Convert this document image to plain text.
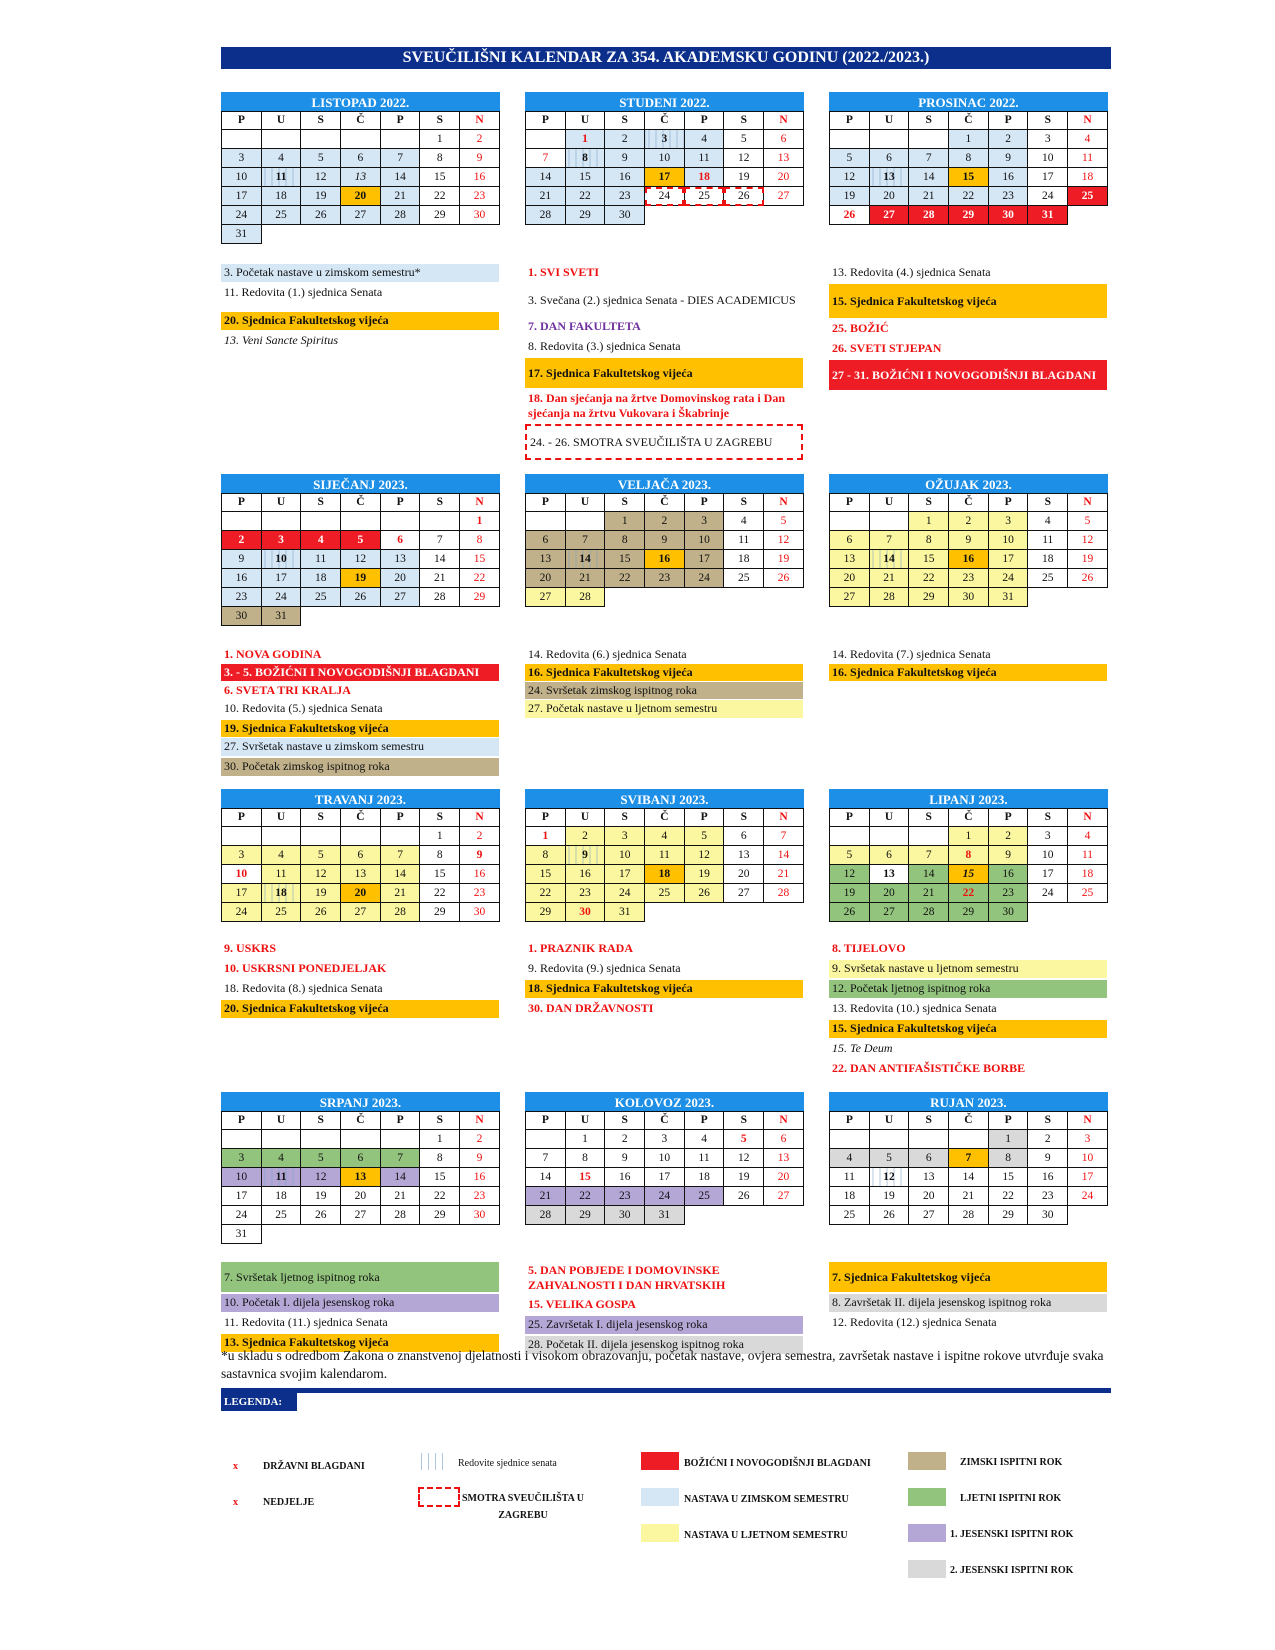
SVEUČILIŠNI KALENDAR ZA 354. AKADEMSKU GODINU (2022./2023.)
LISTOPAD 2022.						
P	U	S	Č	P	S	N
					1	2
3	4	5	6	7	8	9
10	11	12	13	14	15	16
17	18	19	20	21	22	23
24	25	26	27	28	29	30
31						
STUDENI 2022.						
P	U	S	Č	P	S	N
	1	2	3	4	5	6
7	8	9	10	11	12	13
14	15	16	17	18	19	20
21	22	23	24	25	26	27
28	29	30				
PROSINAC 2022.						
P	U	S	Č	P	S	N
			1	2	3	4
5	6	7	8	9	10	11
12	13	14	15	16	17	18
19	20	21	22	23	24	25
26	27	28	29	30	31	
SIJEČANJ 2023.						
P	U	S	Č	P	S	N
						1
2	3	4	5	6	7	8
9	10	11	12	13	14	15
16	17	18	19	20	21	22
23	24	25	26	27	28	29
30	31					
VELJAČA 2023.						
P	U	S	Č	P	S	N
		1	2	3	4	5
6	7	8	9	10	11	12
13	14	15	16	17	18	19
20	21	22	23	24	25	26
27	28					
OŽUJAK 2023.						
P	U	S	Č	P	S	N
		1	2	3	4	5
6	7	8	9	10	11	12
13	14	15	16	17	18	19
20	21	22	23	24	25	26
27	28	29	30	31		
TRAVANJ 2023.						
P	U	S	Č	P	S	N
					1	2
3	4	5	6	7	8	9
10	11	12	13	14	15	16
17	18	19	20	21	22	23
24	25	26	27	28	29	30
SVIBANJ 2023.						
P	U	S	Č	P	S	N
1	2	3	4	5	6	7
8	9	10	11	12	13	14
15	16	17	18	19	20	21
22	23	24	25	26	27	28
29	30	31				
LIPANJ 2023.						
P	U	S	Č	P	S	N
			1	2	3	4
5	6	7	8	9	10	11
12	13	14	15	16	17	18
19	20	21	22	23	24	25
26	27	28	29	30		
SRPANJ 2023.						
P	U	S	Č	P	S	N
					1	2
3	4	5	6	7	8	9
10	11	12	13	14	15	16
17	18	19	20	21	22	23
24	25	26	27	28	29	30
31						
KOLOVOZ 2023.						
P	U	S	Č	P	S	N
	1	2	3	4	5	6
7	8	9	10	11	12	13
14	15	16	17	18	19	20
21	22	23	24	25	26	27
28	29	30	31			
RUJAN 2023.						
P	U	S	Č	P	S	N
				1	2	3
4	5	6	7	8	9	10
11	12	13	14	15	16	17
18	19	20	21	22	23	24
25	26	27	28	29	30	
3. Početak nastave u zimskom semestru*
11. Redovita (1.) sjednica Senata
20. Sjednica Fakultetskog vijeća
13. Veni Sancte Spiritus
1. SVI SVETI
3. Svečana (2.) sjednica Senata - DIES ACADEMICUS
7. DAN FAKULTETA
8. Redovita (3.) sjednica Senata
17. Sjednica Fakultetskog vijeća
18. Dan sjećanja na žrtve Domovinskog rata i Dan sjećanja na žrtvu Vukovara i Škabrinje
24. - 26. SMOTRA SVEUČILIŠTA U ZAGREBU
13. Redovita (4.) sjednica Senata
15. Sjednica Fakultetskog vijeća
25. BOŽIĆ
26. SVETI STJEPAN
27 - 31. BOŽIĆNI I NOVOGODIŠNJI BLAGDANI
1. NOVA GODINA
3. - 5. BOŽIĆNI I NOVOGODIŠNJI BLAGDANI
6. SVETA TRI KRALJA
10. Redovita (5.) sjednica Senata
19. Sjednica Fakultetskog vijeća
27. Svršetak nastave u zimskom semestru
30. Početak zimskog ispitnog roka
14. Redovita (6.) sjednica Senata
16. Sjednica Fakultetskog vijeća
24. Svršetak zimskog ispitnog roka
27. Početak nastave u ljetnom semestru
14. Redovita (7.) sjednica Senata
16. Sjednica Fakultetskog vijeća
9. USKRS
10. USKRSNI PONEDJELJAK
18. Redovita (8.) sjednica Senata
20. Sjednica Fakultetskog vijeća
1. PRAZNIK RADA
9. Redovita (9.) sjednica Senata
18. Sjednica Fakultetskog vijeća
30. DAN DRŽAVNOSTI
8. TIJELOVO
9. Svršetak nastave u ljetnom semestru
12. Početak ljetnog ispitnog roka
13. Redovita (10.) sjednica Senata
15. Sjednica Fakultetskog vijeća
15. Te Deum
22. DAN ANTIFAŠISTIČKE BORBE
7. Svršetak ljetnog ispitnog roka
10. Početak I. dijela jesenskog roka
11. Redovita (11.) sjednica Senata
13. Sjednica Fakultetskog vijeća
5. DAN POBJEDE I DOMOVINSKE ZAHVALNOSTI I DAN HRVATSKIH
15. VELIKA GOSPA
25. Završetak I. dijela jesenskog roka
28. Početak II. dijela jesenskog ispitnog roka
7. Sjednica Fakultetskog vijeća
8. Završetak II. dijela jesenskog ispitnog roka
12. Redovita (12.) sjednica Senata
*u skladu s odredbom Zakona o znanstvenoj djelatnosti i visokom obrazovanju, početak nastave, ovjera semestra, završetak nastave i ispitne rokove utvrđuje svaka sastavnica svojim kalendarom.
LEGENDA:
x	DRŽAVNI BLAGDANI
x	NEDJELJE
Redovite sjednice senata
SMOTRA SVEUČILIŠTA U ZAGREBU
BOŽIĆNI I NOVOGODIŠNJI BLAGDANI
NASTAVA U ZIMSKOM SEMESTRU
NASTAVA U LJETNOM SEMESTRU
ZIMSKI ISPITNI ROK
LJETNI ISPITNI ROK
1. JESENSKI ISPITNI ROK
2. JESENSKI ISPITNI ROK
